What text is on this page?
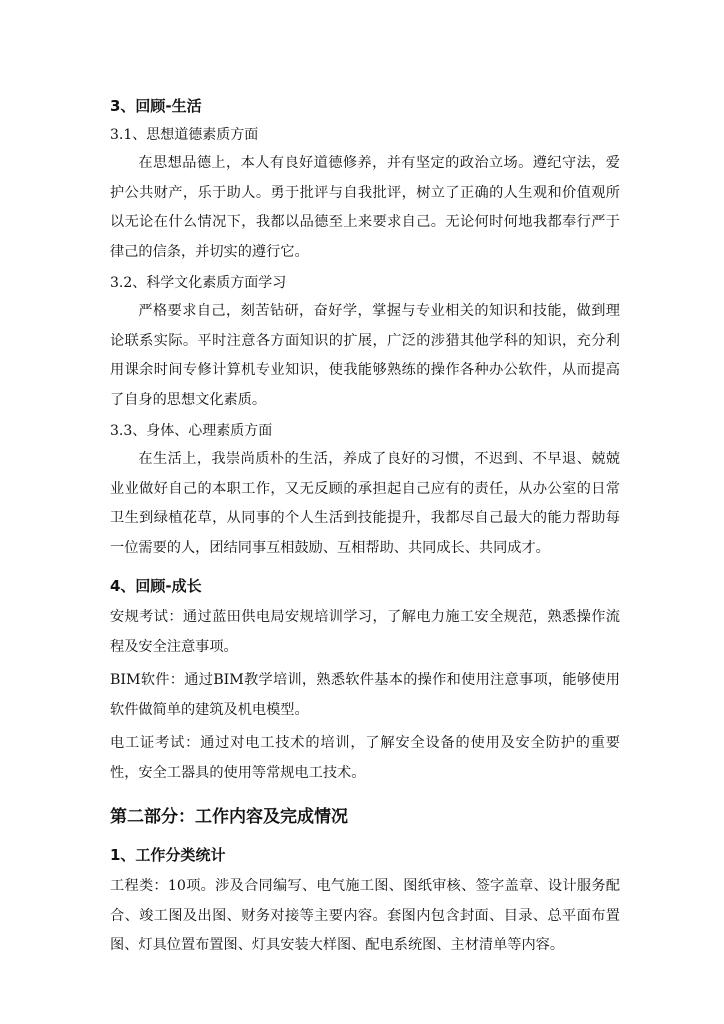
3、回顾-生活
3.1、思想道德素质方面

在思想品德上，本人有良好道德修养，并有坚定的政治立场。遵纪守法，爱护公共财产，乐于助人。勇于批评与自我批评，树立了正确的人生观和价值观所以无论在什么情况下，我都以品德至上来要求自己。无论何时何地我都奉行严于律己的信条，并切实的遵行它。

3.2、科学文化素质方面学习

严格要求自己，刻苦钻研，奋好学，掌握与专业相关的知识和技能，做到理论联系实际。平时注意各方面知识的扩展，广泛的涉猎其他学科的知识，充分利用课余时间专修计算机专业知识，使我能够熟练的操作各种办公软件，从而提高了自身的思想文化素质。

3.3、身体、心理素质方面

在生活上，我崇尚质朴的生活，养成了良好的习惯，不迟到、不早退、兢兢业业做好自己的本职工作，又无反顾的承担起自己应有的责任，从办公室的日常卫生到绿植花草，从同事的个人生活到技能提升，我都尽自己最大的能力帮助每一位需要的人，团结同事互相鼓励、互相帮助、共同成长、共同成才。

4、回顾-成长

安规考试：通过蓝田供电局安规培训学习，了解电力施工安全规范，熟悉操作流程及安全注意事项。

BIM软件：通过BIM教学培训，熟悉软件基本的操作和使用注意事项，能够使用软件做简单的建筑及机电模型。

电工证考试：通过对电工技术的培训，了解安全设备的使用及安全防护的重要性，安全工器具的使用等常规电工技术。

第二部分：工作内容及完成情况
1、工作分类统计

工程类：10项。涉及合同编写、电气施工图、图纸审核、签字盖章、设计服务配合、竣工图及出图、财务对接等主要内容。套图内包含封面、目录、总平面布置图、灯具位置布置图、灯具安装大样图、配电系统图、主材清单等内容。
